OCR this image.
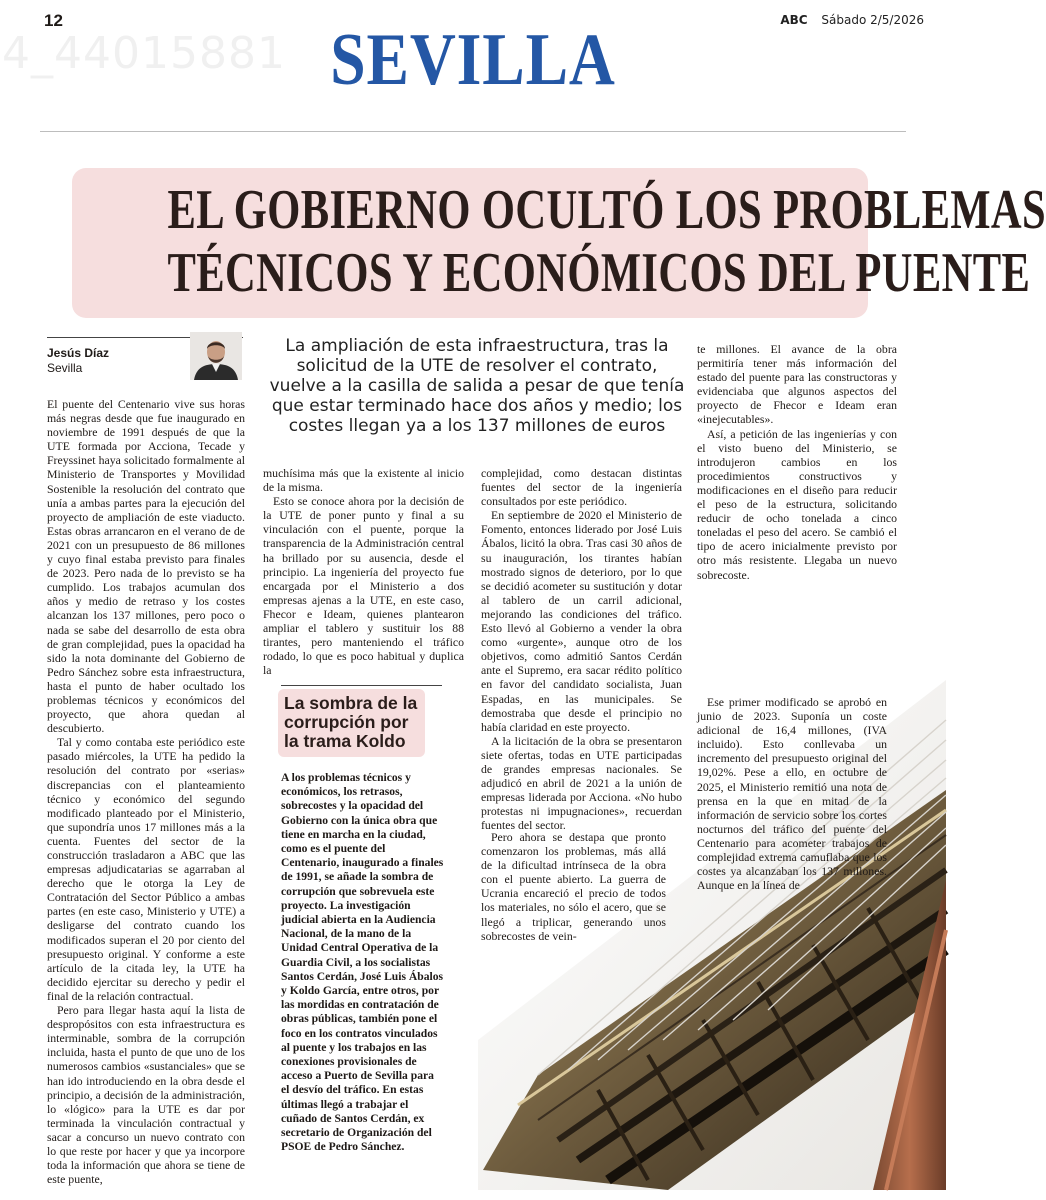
4_44015881
12	ABC Sábado 2/5/2026
SEVILLA
EL GOBIERNO OCULTÓ LOS PROBLEMAS
TÉCNICOS Y ECONÓMICOS DEL PUENTE
Jesús Díaz
Sevilla
La ampliación de esta infraestructura, tras la solicitud de la UTE de resolver el contrato, vuelve a la casilla de salida a pesar de que tenía que estar terminado hace dos años y medio; los costes llegan ya a los 137 millones de euros

El puente del Centenario vive sus horas más negras desde que fue inaugurado en noviembre de 1991 después de que la UTE formada por Acciona, Tecade y Freyssinet haya solicitado formalmente al Ministerio de Transportes y Movilidad Sostenible la resolución del contrato que unía a ambas partes para la ejecución del proyecto de ampliación de este viaducto. Estas obras arrancaron en el verano de de 2021 con un presupuesto de 86 millones y cuyo final estaba previsto para finales de 2023. Pero nada de lo previsto se ha cumplido. Los trabajos acumulan dos años y medio de retraso y los costes alcanzan los 137 millones, pero poco o nada se sabe del desarrollo de esta obra de gran complejidad, pues la opacidad ha sido la nota dominante del Gobierno de Pedro Sánchez sobre esta infraestructura, hasta el punto de haber ocultado los problemas técnicos y económicos del proyecto, que ahora quedan al descubierto.

Tal y como contaba este periódico este pasado miércoles, la UTE ha pedido la resolución del contrato por «serias» discrepancias con el planteamiento técnico y económico del segundo modificado planteado por el Ministerio, que supondría unos 17 millones más a la cuenta. Fuentes del sector de la construcción trasladaron a ABC que las empresas adjudicatarias se agarraban al derecho que le otorga la Ley de Contratación del Sector Público a ambas partes (en este caso, Ministerio y UTE) a desligarse del contrato cuando los modificados superan el 20 por ciento del presupuesto original. Y conforme a este artículo de la citada ley, la UTE ha decidido ejercitar su derecho y pedir el final de la relación contractual.

Pero para llegar hasta aquí la lista de despropósitos con esta infraestructura es interminable, sombra de la corrupción incluida, hasta el punto de que uno de los numerosos cambios «sustanciales» que se han ido introduciendo en la obra desde el principio, a decisión de la administración, lo «lógico» para la UTE es dar por terminada la vinculación contractual y sacar a concurso un nuevo contrato con lo que reste por hacer y que ya incorpore toda la información que ahora se tiene de este puente,

muchísima más que la existente al inicio de la misma.

Esto se conoce ahora por la decisión de la UTE de poner punto y final a su vinculación con el puente, porque la transparencia de la Administración central ha brillado por su ausencia, desde el principio. La ingeniería del proyecto fue encargada por el Ministerio a dos empresas ajenas a la UTE, en este caso, Fhecor e Ideam, quienes plantearon ampliar el tablero y sustituir los 88 tirantes, pero manteniendo el tráfico rodado, lo que es poco habitual y duplica la

La sombra de la corrupción por la trama Koldo
A los problemas técnicos y económicos, los retrasos, sobrecostes y la opacidad del Gobierno con la única obra que tiene en marcha en la ciudad, como es el puente del Centenario, inaugurado a finales de 1991, se añade la sombra de corrupción que sobrevuela este proyecto. La investigación judicial abierta en la Audiencia Nacional, de la mano de la Unidad Central Operativa de la Guardia Civil, a los socialistas Santos Cerdán, José Luis Ábalos y Koldo García, entre otros, por las mordidas en contratación de obras públicas, también pone el foco en los contratos vinculados al puente y los trabajos en las conexiones provisionales de acceso a Puerto de Sevilla para el desvío del tráfico. En estas últimas llegó a trabajar el cuñado de Santos Cerdán, ex secretario de Organización del PSOE de Pedro Sánchez.

complejidad, como destacan distintas fuentes del sector de la ingeniería consultados por este periódico.

En septiembre de 2020 el Ministerio de Fomento, entonces liderado por José Luis Ábalos, licitó la obra. Tras casi 30 años de su inauguración, los tirantes habían mostrado signos de deterioro, por lo que se decidió acometer su sustitución y dotar al tablero de un carril adicional, mejorando las condiciones del tráfico. Esto llevó al Gobierno a vender la obra como «urgente», aunque otro de los objetivos, como admitió Santos Cerdán ante el Supremo, era sacar rédito político en favor del candidato socialista, Juan Espadas, en las municipales. Se demostraba que desde el principio no había claridad en este proyecto.

A la licitación de la obra se presentaron siete ofertas, todas en UTE participadas de grandes empresas nacionales. Se adjudicó en abril de 2021 a la unión de empresas liderada por Acciona. «No hubo protestas ni impugnaciones», recuerdan fuentes del sector.

Pero ahora se destapa que pronto comenzaron los problemas, más allá de la dificultad intrínseca de la obra con el puente abierto. La guerra de Ucrania encareció el precio de todos los materiales, no sólo el acero, que se llegó a triplicar, generando unos sobrecostes de vein-

te millones. El avance de la obra permitiría tener más información del estado del puente para las constructoras y evidenciaba que algunos aspectos del proyecto de Fhecor e Ideam eran «inejecutables».

Así, a petición de las ingenierías y con el visto bueno del Ministerio, se introdujeron cambios en los procedimientos constructivos y modificaciones en el diseño para reducir el peso de la estructura, solicitando reducir de ocho tonelada a cinco toneladas el peso del acero. Se cambió el tipo de acero inicialmente previsto por otro más resistente. Llegaba un nuevo sobrecoste.

Ese primer modificado se aprobó en junio de 2023. Suponía un coste adicional de 16,4 millones, (IVA incluido). Esto conllevaba un incremento del presupuesto original del 19,02%. Pese a ello, en octubre de 2025, el Ministerio remitió una nota de prensa en la que en mitad de la información de servicio sobre los cortes nocturnos del tráfico del puente del Centenario para acometer trabajos de complejidad extrema camuflaba que los costes ya alcanzaban los 137 millones. Aunque en la línea de
